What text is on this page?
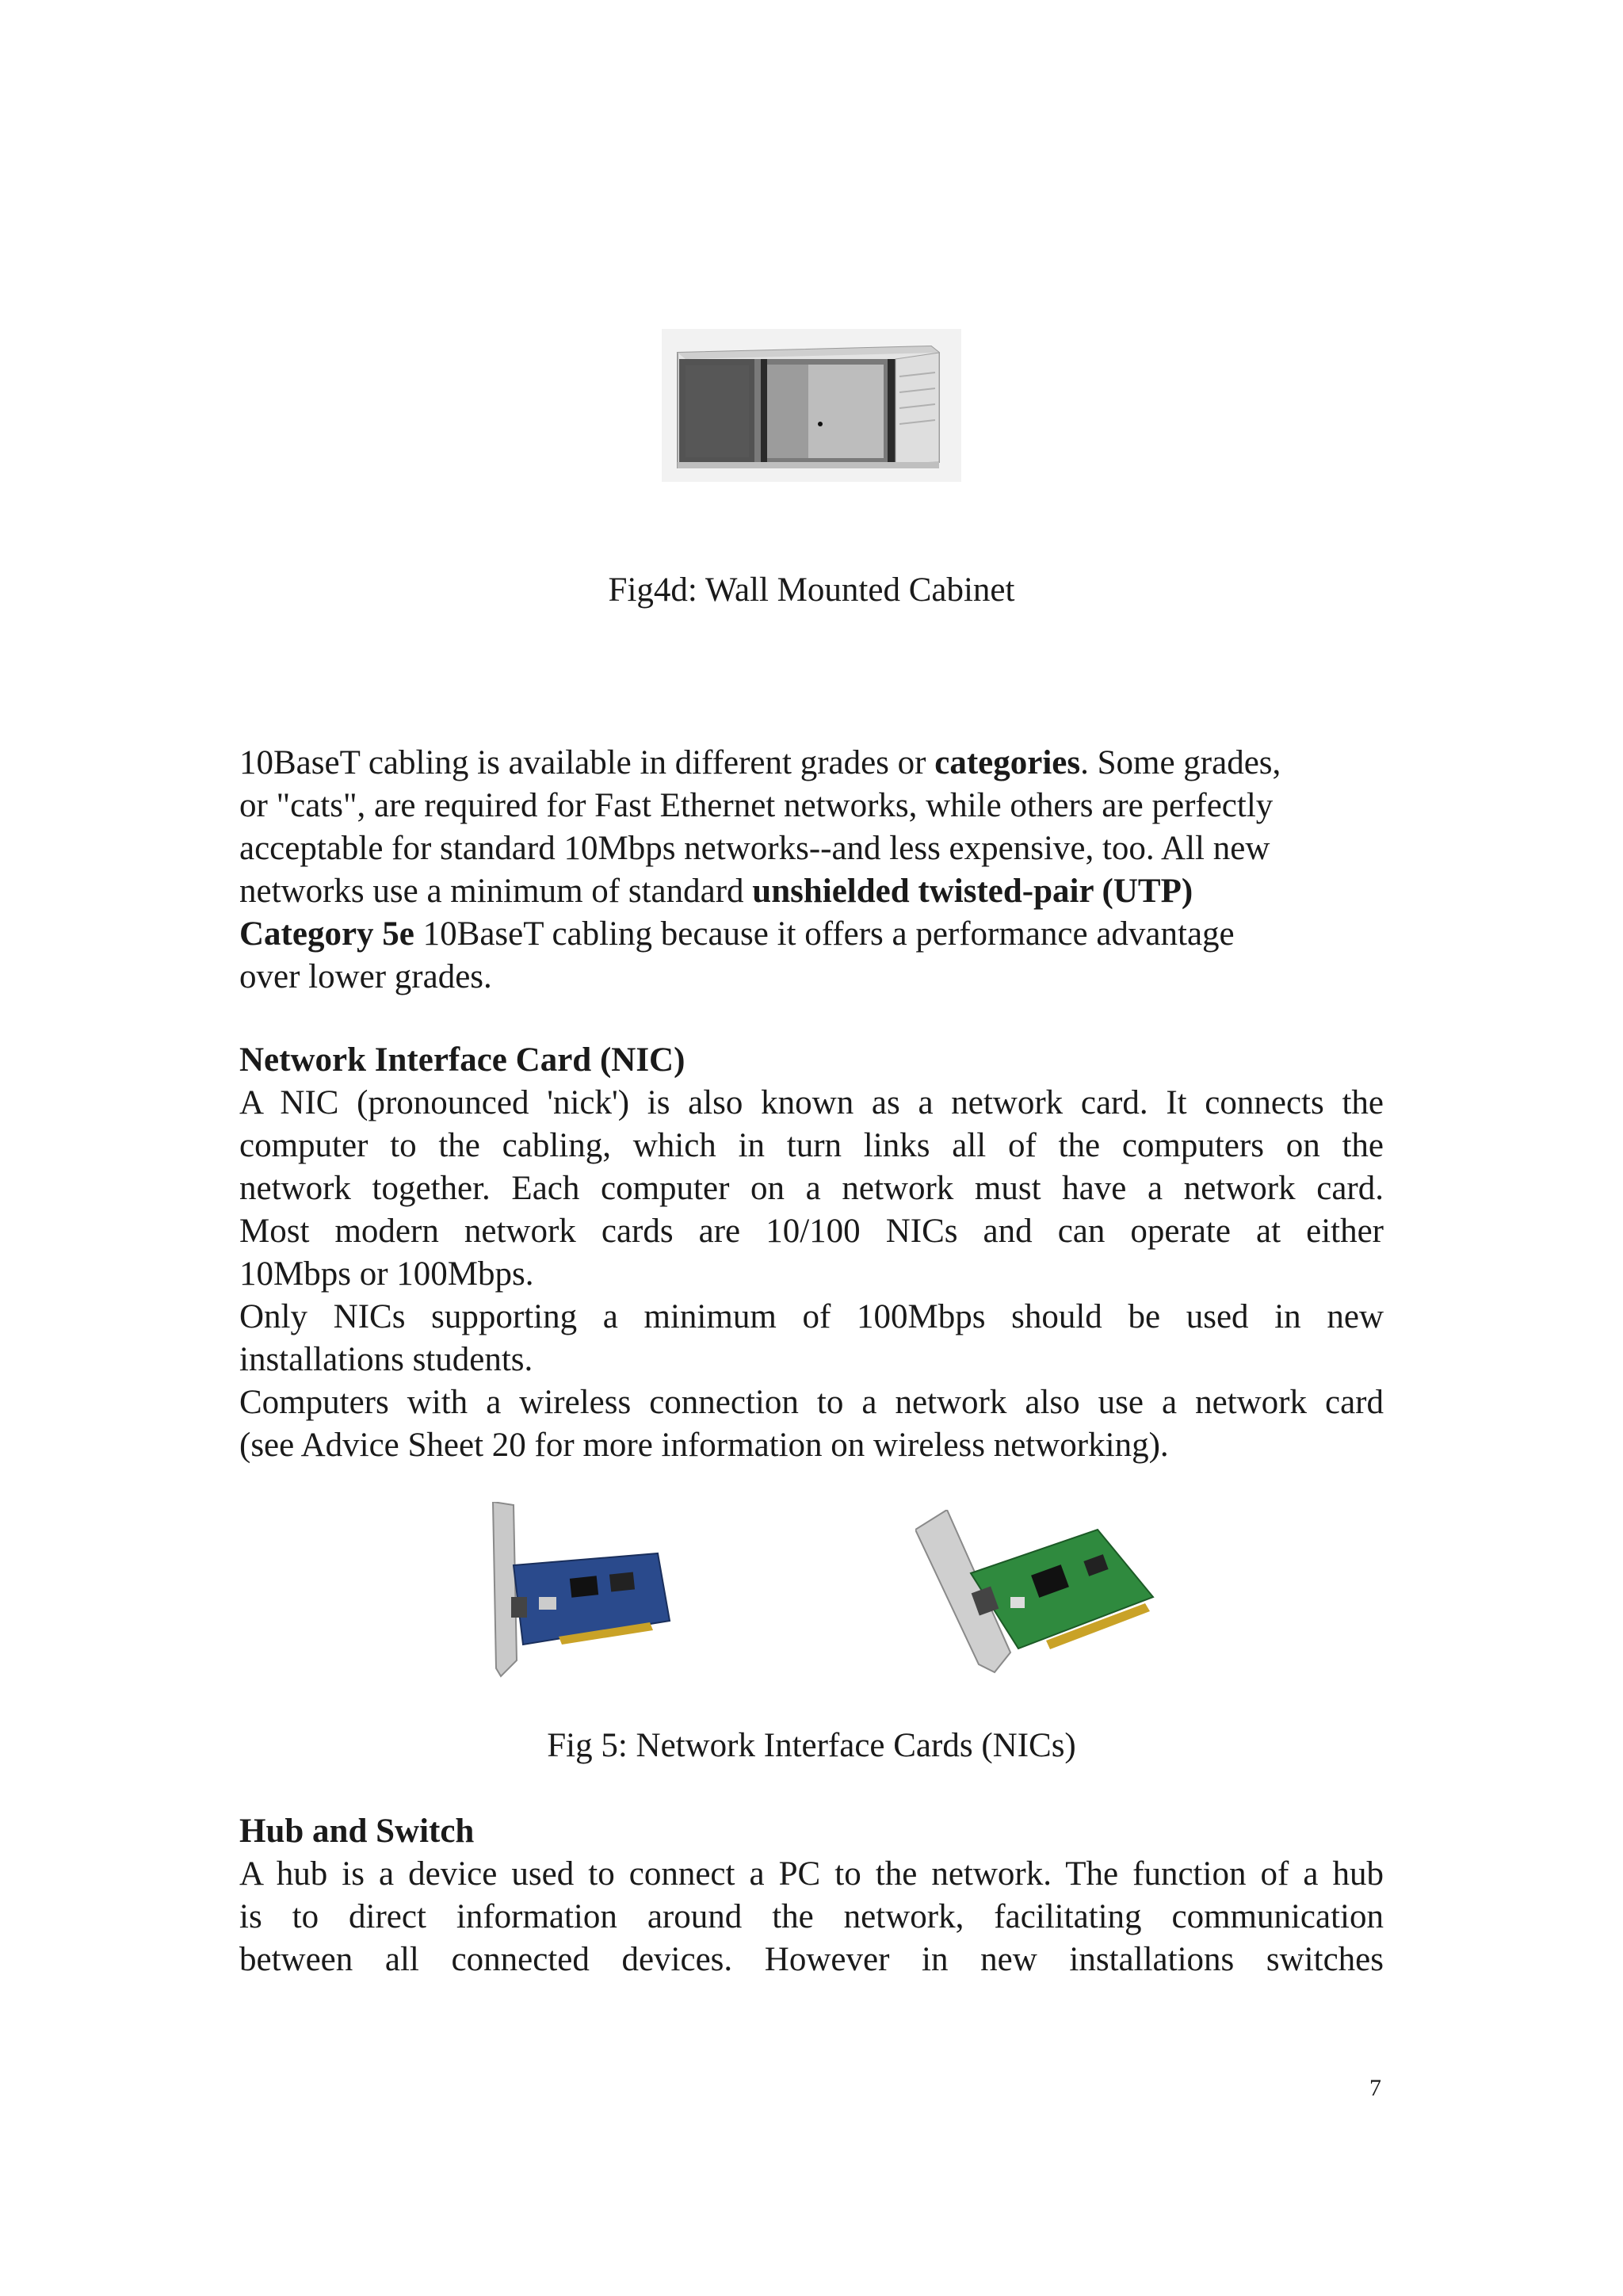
Fig4d: Wall Mounted Cabinet
10BaseT cabling is available in different grades or categories. Some grades,
or "cats", are required for Fast Ethernet networks, while others are perfectly
acceptable for standard 10Mbps networks--and less expensive, too. All new
networks use a minimum of standard unshielded twisted-pair (UTP)
Category 5e 10BaseT cabling because it offers a performance advantage
over lower grades.
Network Interface Card (NIC)
A NIC (pronounced 'nick') is also known as a network card. It connects the
computer to the cabling, which in turn links all of the computers on the
network together. Each computer on a network must have a network card.
Most modern network cards are 10/100 NICs and can operate at either
10Mbps or 100Mbps.
Only NICs supporting a minimum of 100Mbps should be used in new
installations students.
Computers with a wireless connection to a network also use a network card
(see Advice Sheet 20 for more information on wireless networking).
Fig 5: Network Interface Cards (NICs)
Hub and Switch
A hub is a device used to connect a PC to the network. The function of a hub
is to direct information around the network, facilitating communication
between all connected devices. However in new installations switches
7
